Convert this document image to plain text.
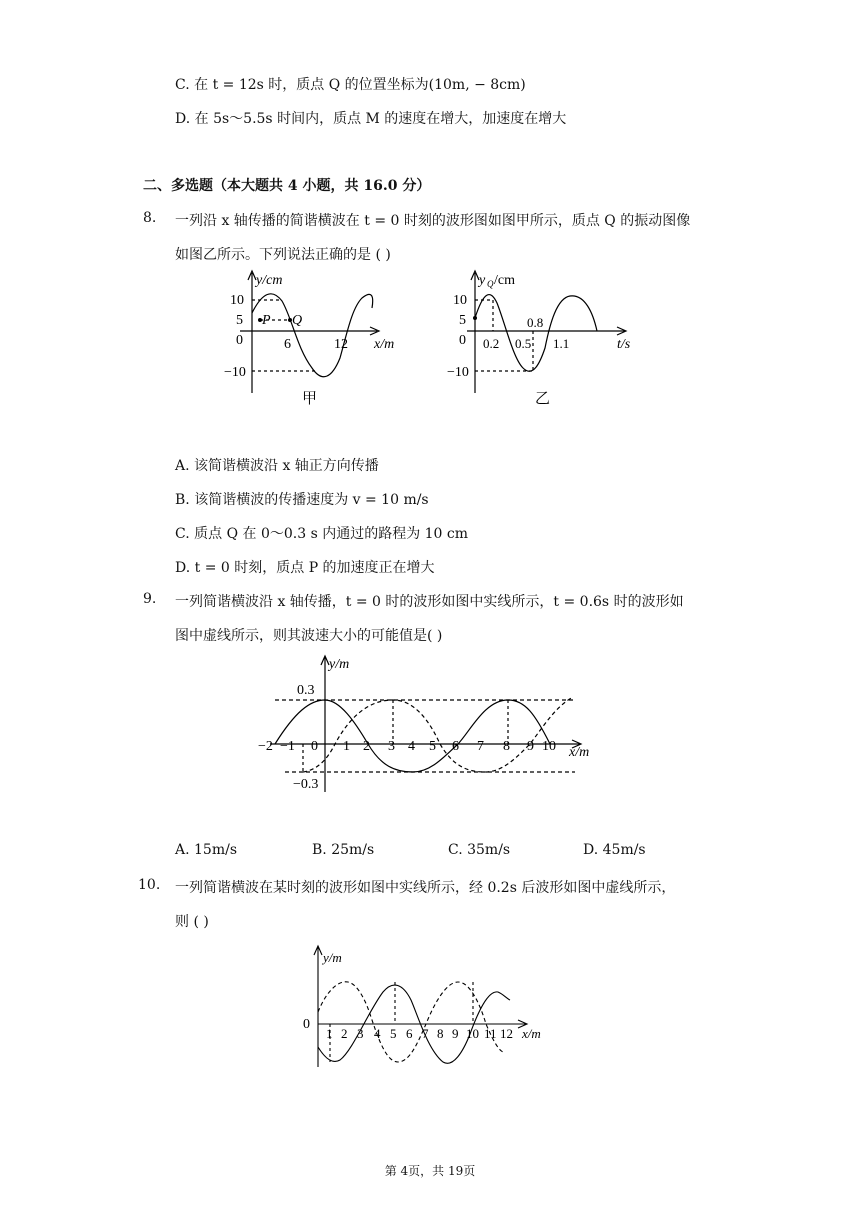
C. 在 t = 12s 时，质点 Q 的位置坐标为(10m, − 8cm)
D. 在 5s～5.5s 时间内，质点 M 的速度在增大，加速度在增大
二、多选题（本大题共 4 小题，共 16.0 分）
8. 一列沿 x 轴传播的简谐横波在 t = 0 时刻的波形图如图甲所示，质点 Q 的振动图像
如图乙所示。下列说法正确的是 ( )
y/cm
10
5
0
−10
P Q
6	12 x/m
甲
y Q /cm
10
5
0
−10
0.2 0.5
0.8
1.1	t/s
乙
A. 该简谐横波沿 x 轴正方向传播
B. 该简谐横波的传播速度为 v = 10 m/s
C. 质点 Q 在 0～0.3 s 内通过的路程为 10 cm
D. t = 0 时刻，质点 P 的加速度正在增大
9. 一列简谐横波沿 x 轴传播，t = 0 时的波形如图中实线所示，t = 0.6s 时的波形如
图中虚线所示，则其波速大小的可能值是( )
y/m
0.3
−0.3
−2 −1 0 1 2 3 4 5 6 7 8 9 10 x/m
A. 15m/s	B. 25m/s	C. 35m/s	D. 45m/s
10. 一列简谐横波在某时刻的波形如图中实线所示，经 0.2s 后波形如图中虚线所示，
则 ( )
y/m
0
1 2 3 4 5 6 7 8 9 10 11 12 x/m
第 4页，共 19页
